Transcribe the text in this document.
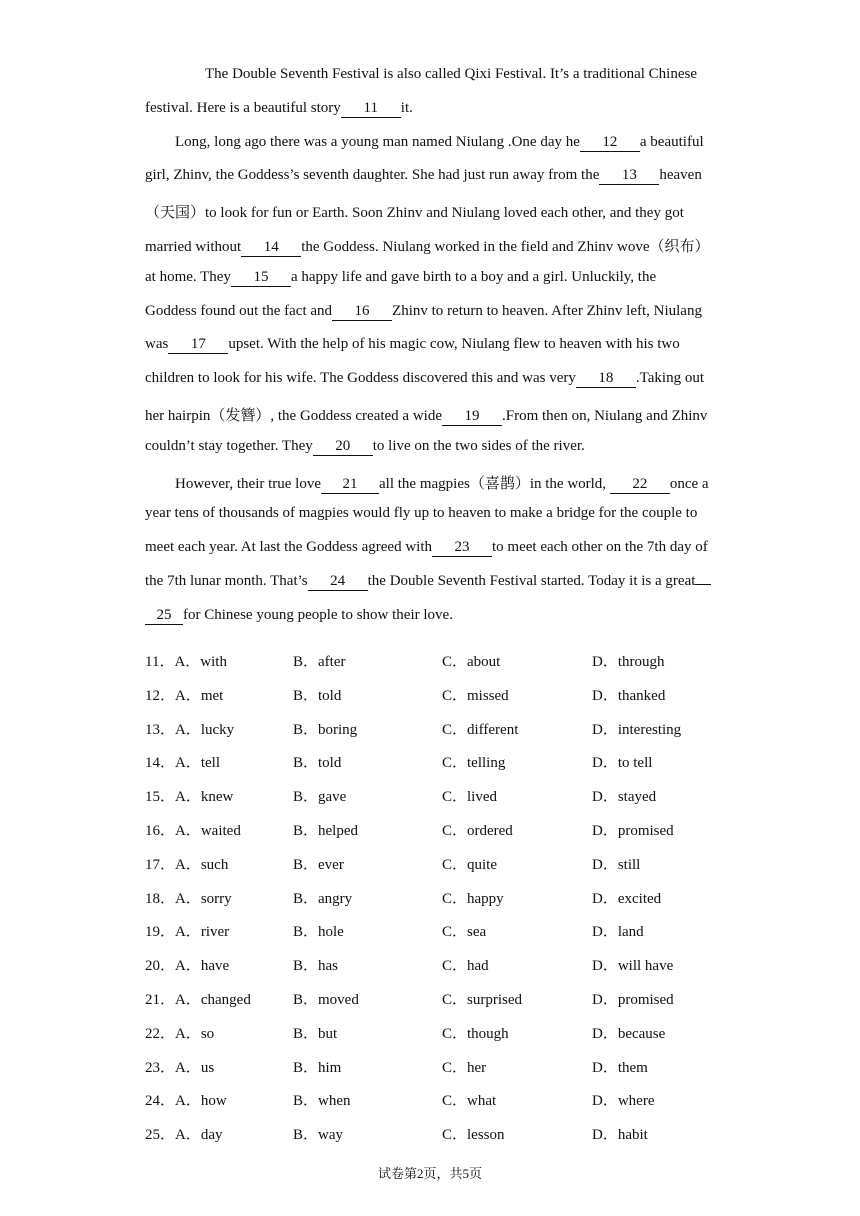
The Double Seventh Festival is also called Qixi Festival. It’s a traditional Chinese
festival. Here is a beautiful story 11 it.
Long, long ago there was a young man named Niulang .One day he 12 a beautiful
girl, Zhinv, the Goddess’s seventh daughter. She had just run away from the 13 heaven
（天国）to look for fun or Earth. Soon Zhinv and Niulang loved each other, and they got
married without 14 the Goddess. Niulang worked in the field and Zhinv wove（织布）
at home. They 15 a happy life and gave birth to a boy and a girl. Unluckily, the
Goddess found out the fact and 16 Zhinv to return to heaven. After Zhinv left, Niulang
was 17 upset. With the help of his magic cow, Niulang flew to heaven with his two
children to look for his wife. The Goddess discovered this and was very 18 .Taking out
her hairpin（发簪）, the Goddess created a wide 19 .From then on, Niulang and Zhinv
couldn’t stay together. They 20 to live on the two sides of the river.
However, their true love 21 all the magpies（喜鹊）in the world, 22 once a
year tens of thousands of magpies would fly up to heaven to make a bridge for the couple to
meet each year. At last the Goddess agreed with 23 to meet each other on the 7th day of
the 7th lunar month. That’s 24 the Double Seventh Festival started. Today it is a great
25 for Chinese young people to show their love.
11．A．with	B．after	C．about	D．through
12．A．met	B．told	C．missed	D．thanked
13．A．lucky	B．boring	C．different	D．interesting
14．A．tell	B．told	C．telling	D．to tell
15．A．knew	B．gave	C．lived	D．stayed
16．A．waited	B．helped	C．ordered	D．promised
17．A．such	B．ever	C．quite	D．still
18．A．sorry	B．angry	C．happy	D．excited
19．A．river	B．hole	C．sea	D．land
20．A．have	B．has	C．had	D．will have
21．A．changed	B．moved	C．surprised	D．promised
22．A．so	B．but	C．though	D．because
23．A．us	B．him	C．her	D．them
24．A．how	B．when	C．what	D．where
25．A．day	B．way	C．lesson	D．habit
试卷第2页，共5页
